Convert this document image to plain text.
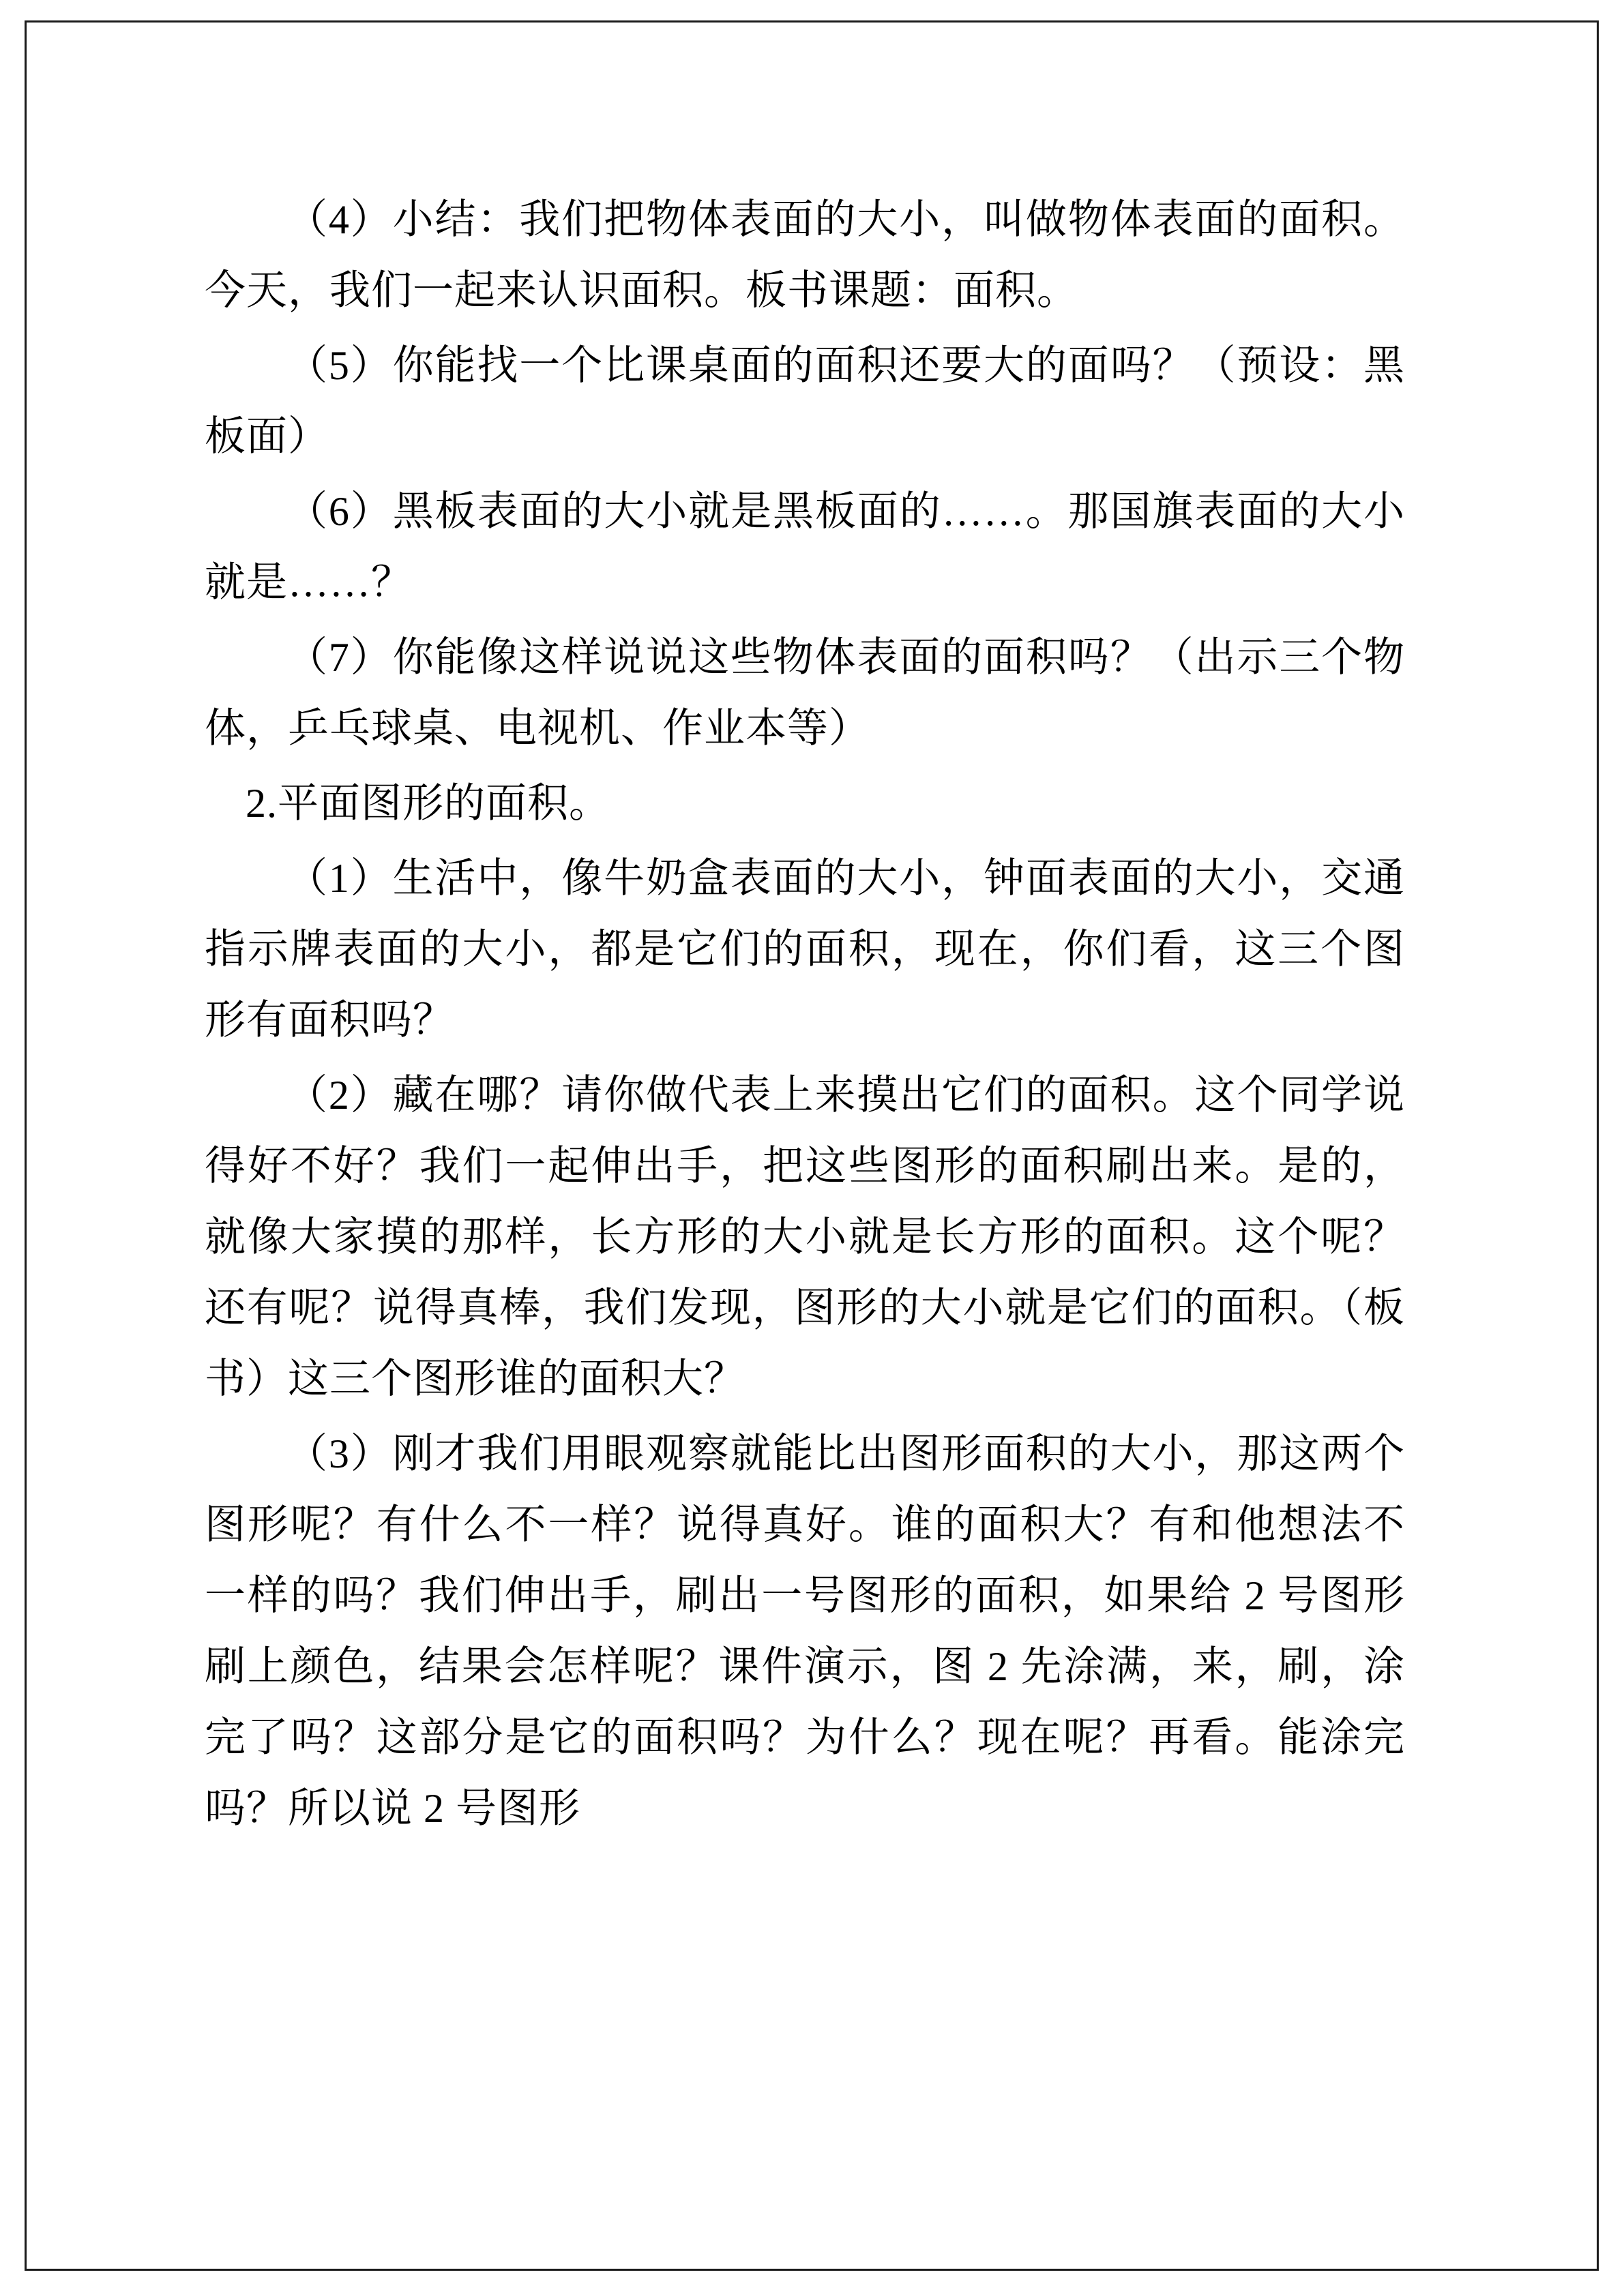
（4）小结：我们把物体表面的大小，叫做物体表面的面积。今天，我们一起来认识面积。板书课题：面积。

（5）你能找一个比课桌面的面积还要大的面吗？（预设：黑板面）

（6）黑板表面的大小就是黑板面的……。那国旗表面的大小就是……？

（7）你能像这样说说这些物体表面的面积吗？（出示三个物体，乒乓球桌、电视机、作业本等）

2.平面图形的面积。

（1）生活中，像牛奶盒表面的大小，钟面表面的大小，交通指示牌表面的大小，都是它们的面积，现在，你们看，这三个图形有面积吗？

（2）藏在哪？请你做代表上来摸出它们的面积。这个同学说得好不好？我们一起伸出手，把这些图形的面积刷出来。是的，就像大家摸的那样，长方形的大小就是长方形的面积。这个呢？还有呢？说得真棒，我们发现，图形的大小就是它们的面积。（板书）这三个图形谁的面积大？

（3）刚才我们用眼观察就能比出图形面积的大小，那这两个图形呢？有什么不一样？说得真好。谁的面积大？有和他想法不一样的吗？我们伸出手，刷出一号图形的面积，如果给 2 号图形刷上颜色，结果会怎样呢？课件演示，图 2 先涂满，来，刷，涂完了吗？这部分是它的面积吗？为什么？现在呢？再看。能涂完吗？所以说 2 号图形
